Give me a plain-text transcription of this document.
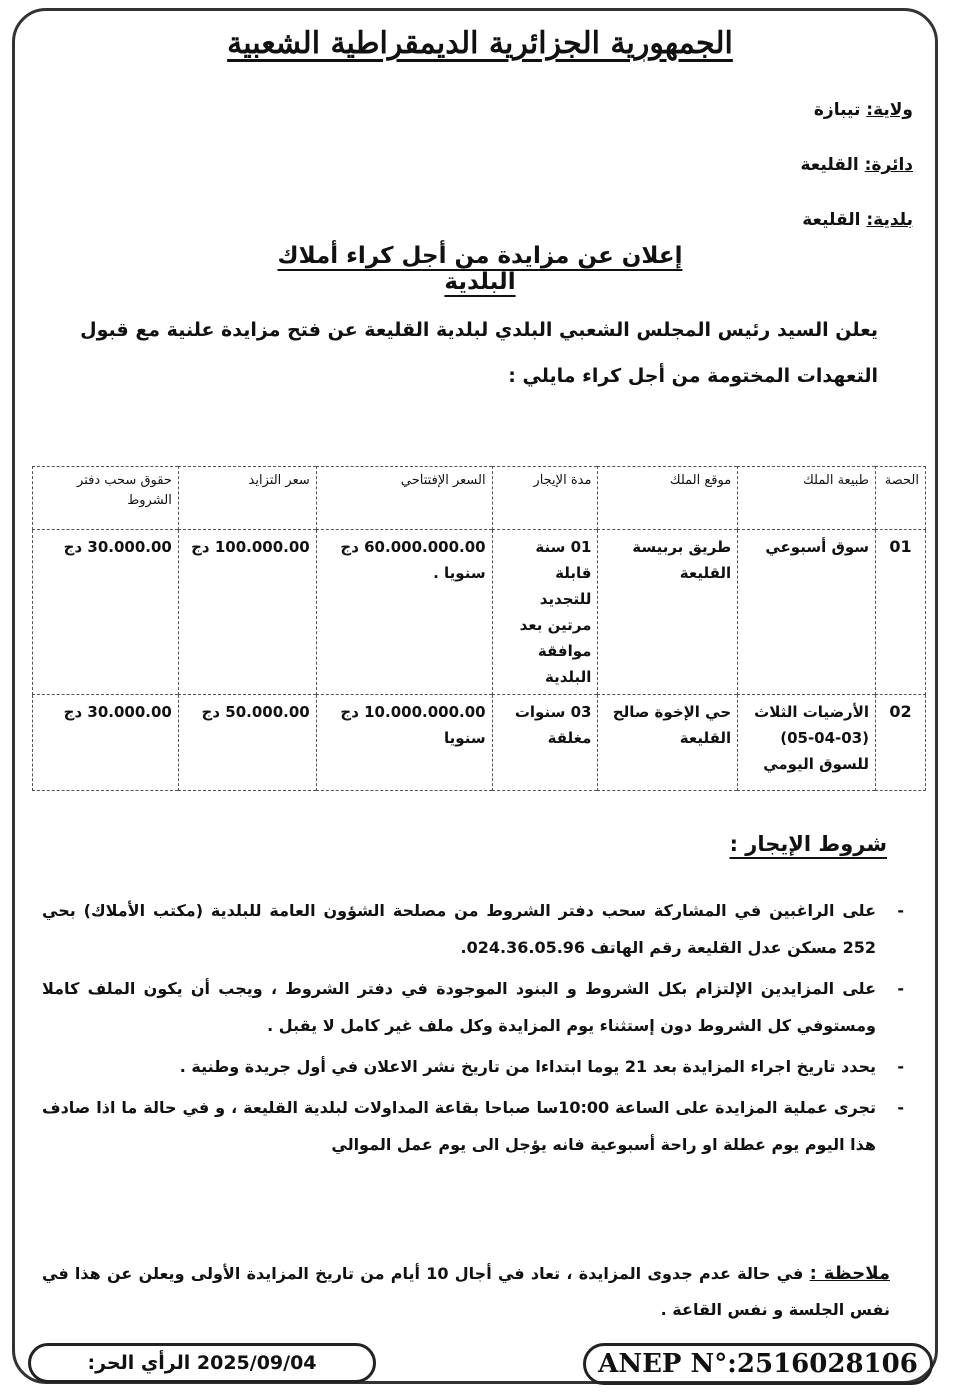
الجمهورية الجزائرية الديمقراطية الشعبية
ولاية: تيبازة
دائرة: القليعة
بلدية: القليعة
إعلان عن مزايدة من أجل كراء أملاك البلدية
يعلن السيد رئيس المجلس الشعبي البلدي لبلدية القليعة عن فتح مزايدة علنية مع قبول التعهدات المختومة من أجل كراء مايلي :
الحصة	طبيعة الملك	موقع الملك	مدة الإيجار	السعر الإفتتاحي	سعر التزايد	حقوق سحب دفتر الشروط
01	سوق أسبوعي	طريق بربيسة القليعة	01 سنة قابلة للتجديد مرتين بعد موافقة البلدية	60.000.000.00 دج سنويا .	100.000.00 دج	30.000.00 دج
02	الأرضيات الثلاث (03-04-05) للسوق اليومي	حي الإخوة صالح القليعة	03 سنوات مغلقة	10.000.000.00 دج سنويا	50.000.00 دج	30.000.00 دج
شروط الإيجار :
-
على الراغبين في المشاركة سحب دفتر الشروط من مصلحة الشؤون العامة للبلدية (مكتب الأملاك) بحي 252 مسكن عدل القليعة رقم الهاتف 024.36.05.96.
-
على المزايدين الإلتزام بكل الشروط و البنود الموجودة في دفتر الشروط ، ويجب أن يكون الملف كاملا ومستوفي كل الشروط دون إستثناء يوم المزايدة وكل ملف غير كامل لا يقبل .
-
يحدد تاريخ اجراء المزايدة بعد 21 يوما ابتداءا من تاريخ نشر الاعلان في أول جريدة وطنية .
-
تجرى عملية المزايدة على الساعة 10:00سا صباحا بقاعة المداولات لبلدية القليعة ، و في حالة ما اذا صادف هذا اليوم يوم عطلة او راحة أسبوعية فانه يؤجل الى يوم عمل الموالي
ملاحظة : في حالة عدم جدوى المزايدة ، تعاد في أجال 10 أيام من تاريخ المزايدة الأولى ويعلن عن هذا في نفس الجلسة و نفس القاعة .
الرأي الحر: 2025/09/04	ANEP N°:2516028106
